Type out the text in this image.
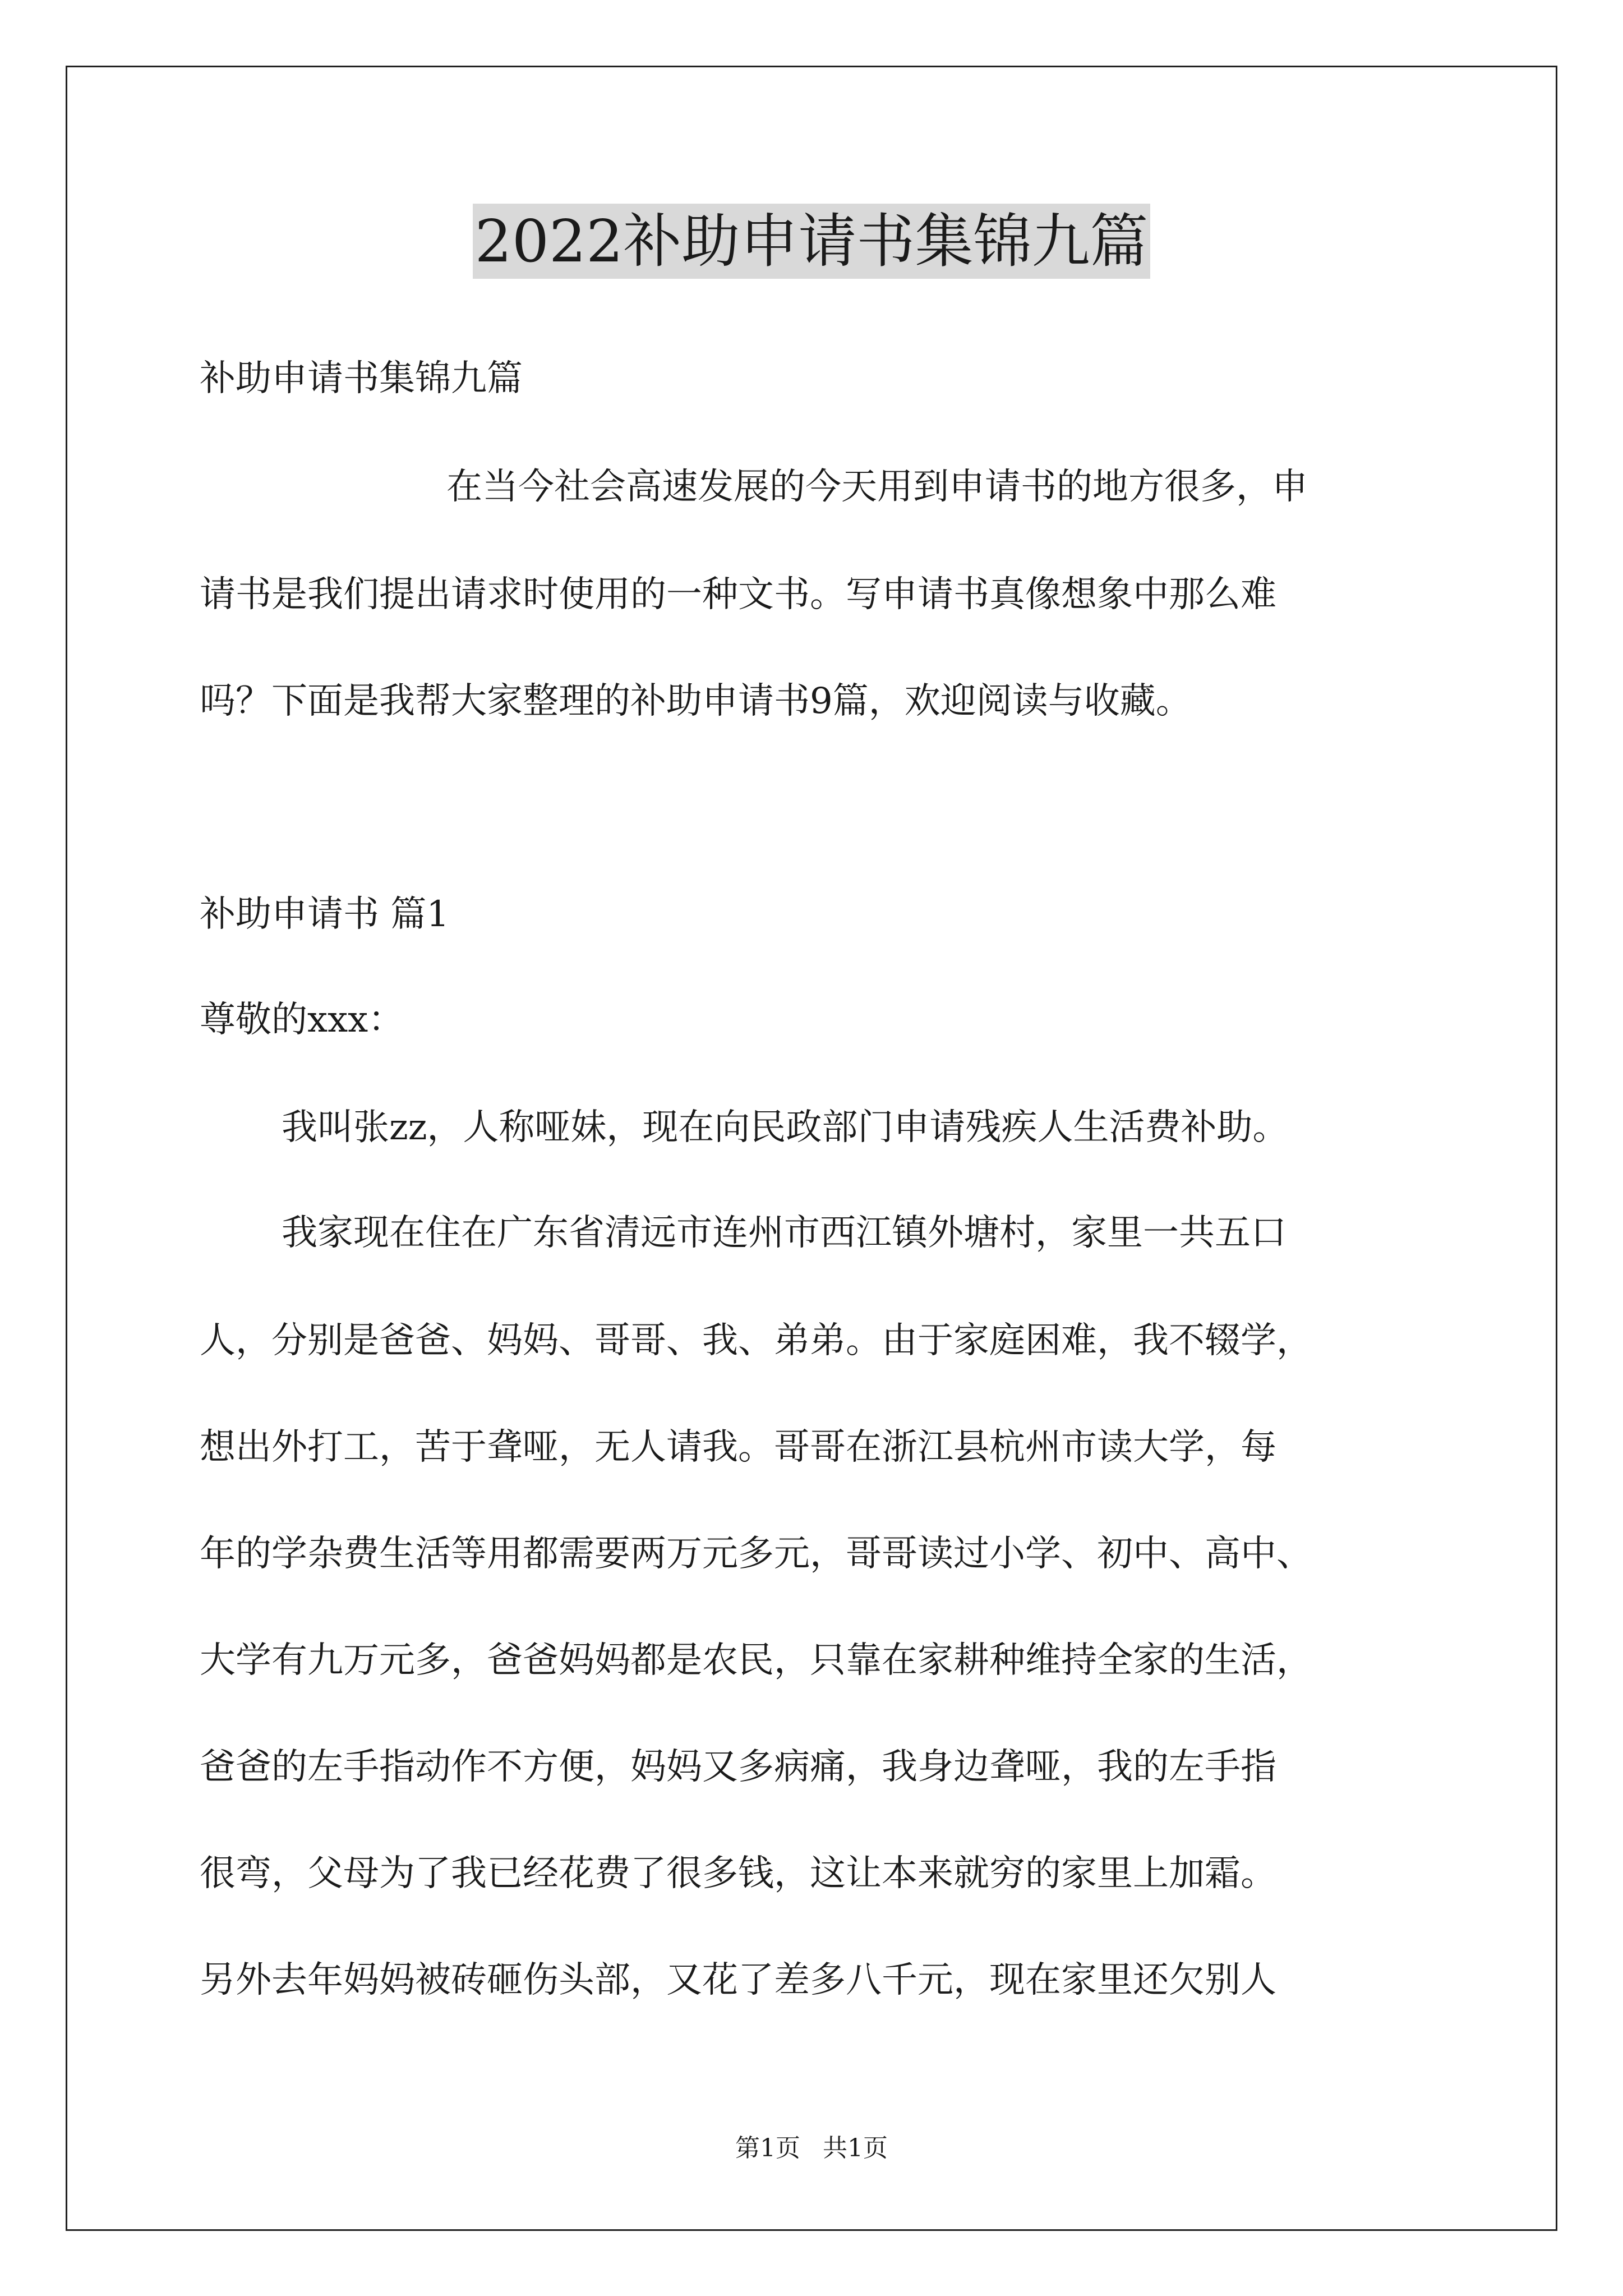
2022补助申请书集锦九篇
补助申请书集锦九篇
在当今社会高速发展的今天用到申请书的地方很多，申
请书是我们提出请求时使用的一种文书。写申请书真像想象中那么难
吗？下面是我帮大家整理的补助申请书9篇，欢迎阅读与收藏。
补助申请书 篇1
尊敬的xxx：
我叫张zz，人称哑妹，现在向民政部门申请残疾人生活费补助。
我家现在住在广东省清远市连州市西江镇外塘村，家里一共五口
人，分别是爸爸、妈妈、哥哥、我、弟弟。由于家庭困难，我不辍学，
想出外打工，苦于聋哑，无人请我。哥哥在浙江县杭州市读大学，每
年的学杂费生活等用都需要两万元多元，哥哥读过小学、初中、高中、
大学有九万元多，爸爸妈妈都是农民，只靠在家耕种维持全家的生活，
爸爸的左手指动作不方便，妈妈又多病痛，我身边聋哑，我的左手指
很弯，父母为了我已经花费了很多钱，这让本来就穷的家里上加霜。
另外去年妈妈被砖砸伤头部，又花了差多八千元，现在家里还欠别人
第1页 共1页
